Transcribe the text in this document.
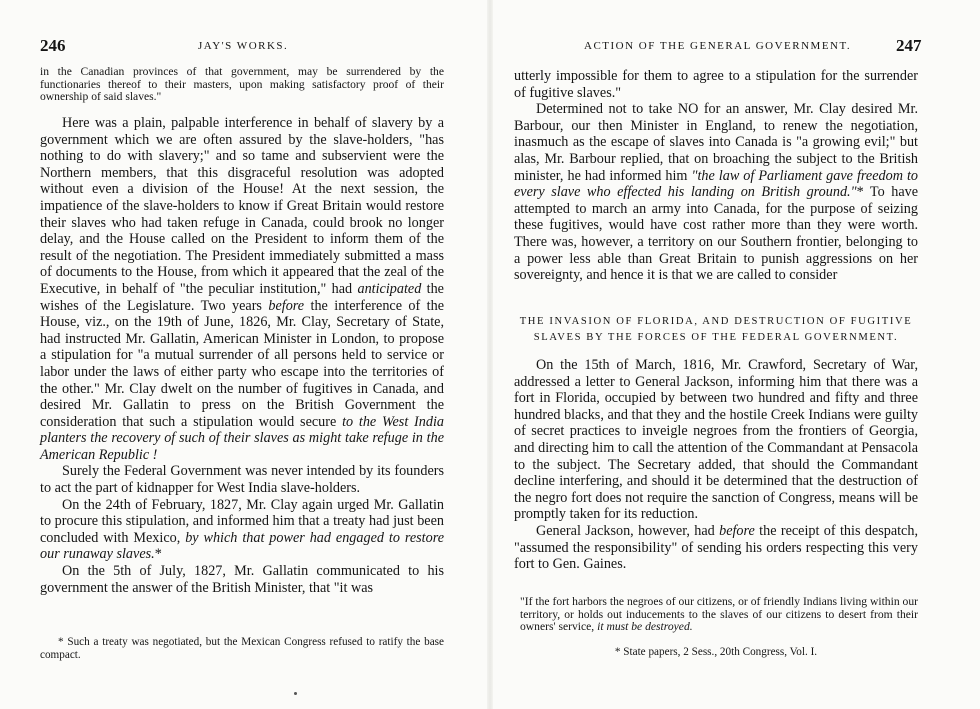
246	JAY'S WORKS.

in the Canadian provinces of that government, may be surrendered by the functionaries thereof to their masters, upon making satisfactory proof of their ownership of said slaves."

Here was a plain, palpable interference in behalf of slavery by a government which we are often assured by the slave-holders, "has nothing to do with slavery;" and so tame and subservient were the Northern members, that this disgraceful resolution was adopted without even a division of the House! At the next session, the impatience of the slave-holders to know if Great Britain would restore their slaves who had taken refuge in Canada, could brook no longer delay, and the House called on the President to inform them of the result of the negotiation. The President immediately submitted a mass of documents to the House, from which it appeared that the zeal of the Executive, in behalf of "the peculiar institution," had anticipated the wishes of the Legislature. Two years before the interference of the House, viz., on the 19th of June, 1826, Mr. Clay, Secretary of State, had instructed Mr. Gallatin, American Minister in London, to propose a stipulation for "a mutual surrender of all persons held to service or labor under the laws of either party who escape into the territories of the other." Mr. Clay dwelt on the number of fugitives in Canada, and desired Mr. Gallatin to press on the British Government the consideration that such a stipulation would secure to the West India planters the recovery of such of their slaves as might take refuge in the American Republic !

Surely the Federal Government was never intended by its founders to act the part of kidnapper for West India slave-holders.

On the 24th of February, 1827, Mr. Clay again urged Mr. Gallatin to procure this stipulation, and informed him that a treaty had just been concluded with Mexico, by which that power had engaged to restore our runaway slaves.*

On the 5th of July, 1827, Mr. Gallatin communicated to his government the answer of the British Minister, that "it was

* Such a treaty was negotiated, but the Mexican Congress refused to ratify the base compact.

ACTION OF THE GENERAL GOVERNMENT.	247

utterly impossible for them to agree to a stipulation for the surrender of fugitive slaves."

Determined not to take NO for an answer, Mr. Clay desired Mr. Barbour, our then Minister in England, to renew the negotiation, inasmuch as the escape of slaves into Canada is "a growing evil;" but alas, Mr. Barbour replied, that on broaching the subject to the British minister, he had informed him "the law of Parliament gave freedom to every slave who effected his landing on British ground."* To have attempted to march an army into Canada, for the purpose of seizing these fugitives, would have cost rather more than they were worth. There was, however, a territory on our Southern frontier, belonging to a power less able than Great Britain to punish aggressions on her sovereignty, and hence it is that we are called to consider

THE INVASION OF FLORIDA, AND DESTRUCTION OF FUGITIVE SLAVES BY THE FORCES OF THE FEDERAL GOVERNMENT.

On the 15th of March, 1816, Mr. Crawford, Secretary of War, addressed a letter to General Jackson, informing him that there was a fort in Florida, occupied by between two hundred and fifty and three hundred blacks, and that they and the hostile Creek Indians were guilty of secret practices to inveigle negroes from the frontiers of Georgia, and directing him to call the attention of the Commandant at Pensacola to the subject. The Secretary added, that should the Commandant decline interfering, and should it be determined that the destruction of the negro fort does not require the sanction of Congress, means will be promptly taken for its reduction.

General Jackson, however, had before the receipt of this despatch, "assumed the responsibility" of sending his orders respecting this very fort to Gen. Gaines.

"If the fort harbors the negroes of our citizens, or of friendly Indians living within our territory, or holds out inducements to the slaves of our citizens to desert from their owners' service, it must be destroyed.

* State papers, 2 Sess., 20th Congress, Vol. I.
